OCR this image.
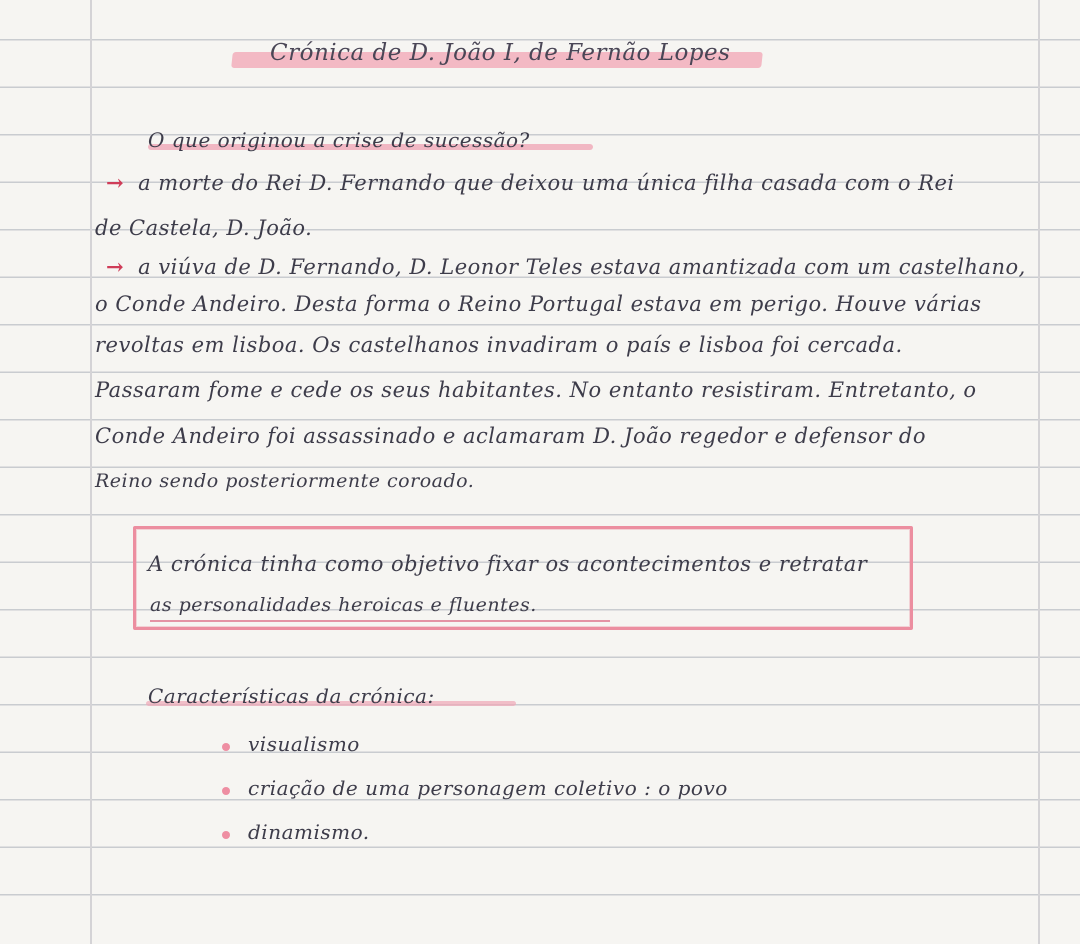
Crónica de D. João I, de Fernão Lopes
O que originou a crise de sucessão?
→ a morte do Rei D. Fernando que deixou uma única filha casada com o Rei
de Castela, D. João.
→ a viúva de D. Fernando, D. Leonor Teles estava amantizada com um castelhano,
o Conde Andeiro. Desta forma o Reino Portugal estava em perigo. Houve várias
revoltas em lisboa. Os castelhanos invadiram o país e lisboa foi cercada.
Passaram fome e cede os seus habitantes. No entanto resistiram. Entretanto, o
Conde Andeiro foi assassinado e aclamaram D. João regedor e defensor do
Reino sendo posteriormente coroado.
A crónica tinha como objetivo fixar os acontecimentos e retratar
as personalidades heroicas e fluentes.
Características da crónica:
visualismo
criação de uma personagem coletivo : o povo
dinamismo.
